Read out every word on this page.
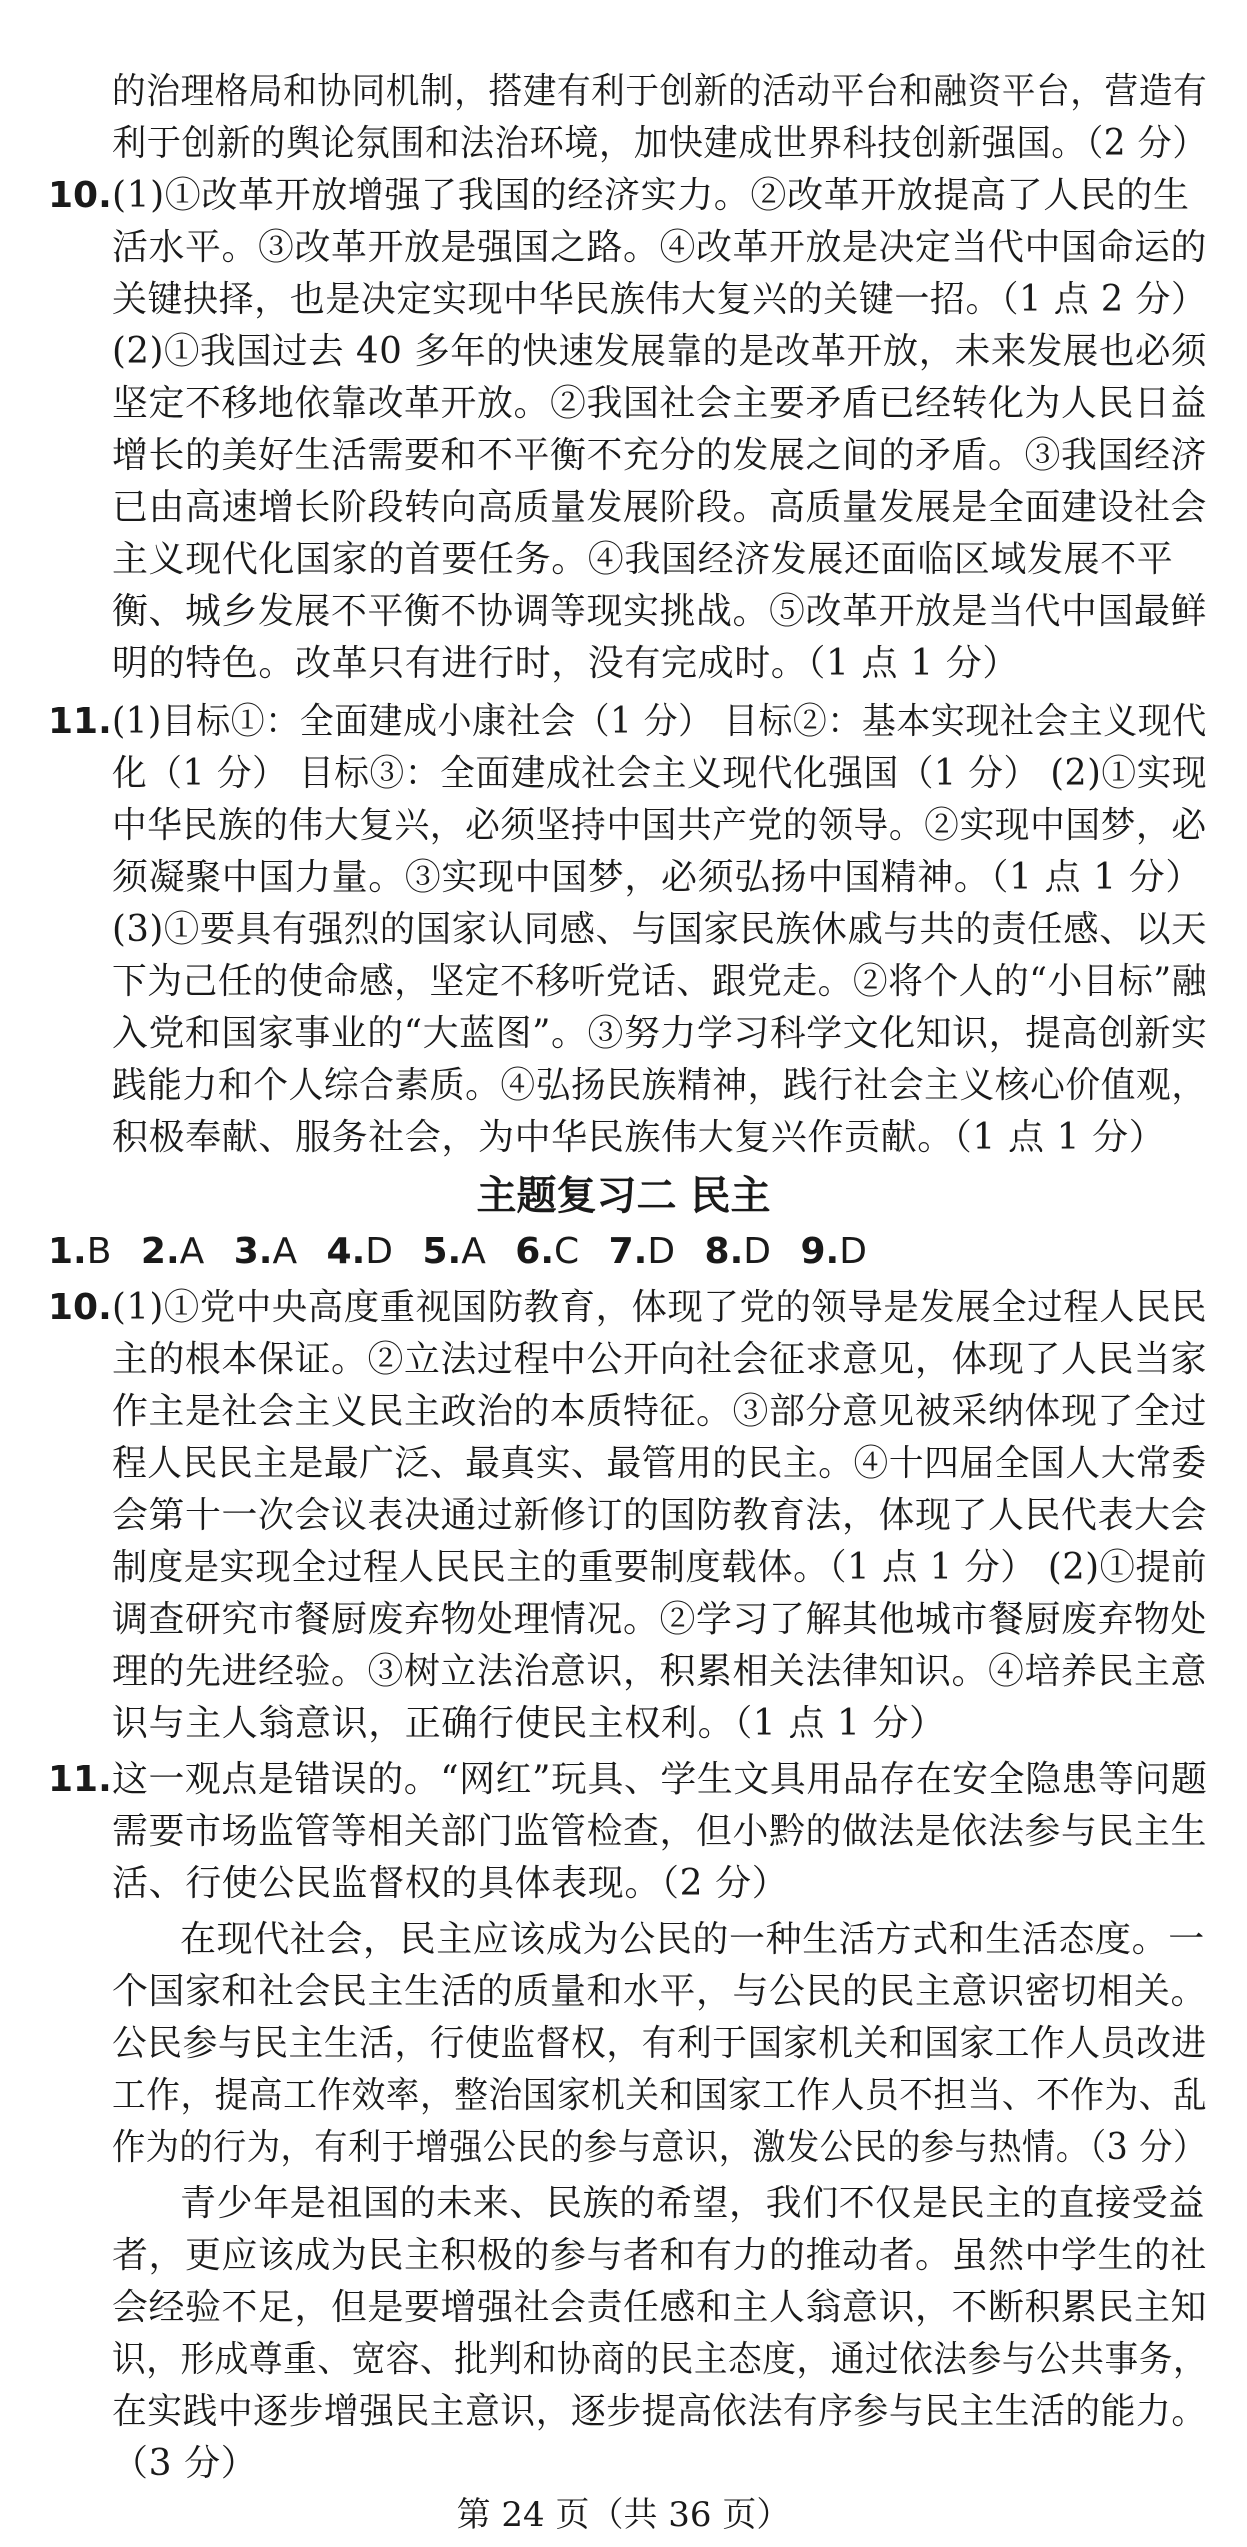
的治理格局和协同机制，搭建有利于创新的活动平台和融资平台，营造有
利于创新的舆论氛围和法治环境，加快建成世界科技创新强国。（2 分）
10. (1)①改革开放增强了我国的经济实力。②改革开放提高了人民的生
活水平。③改革开放是强国之路。④改革开放是决定当代中国命运的
关键抉择，也是决定实现中华民族伟大复兴的关键一招。（1 点 2 分）
(2)①我国过去 40 多年的快速发展靠的是改革开放，未来发展也必须
坚定不移地依靠改革开放。②我国社会主要矛盾已经转化为人民日益
增长的美好生活需要和不平衡不充分的发展之间的矛盾。③我国经济
已由高速增长阶段转向高质量发展阶段。高质量发展是全面建设社会
主义现代化国家的首要任务。④我国经济发展还面临区域发展不平
衡、城乡发展不平衡不协调等现实挑战。⑤改革开放是当代中国最鲜
明的特色。改革只有进行时，没有完成时。（1 点 1 分）
11. (1)目标①：全面建成小康社会（1 分） 目标②：基本实现社会主义现代
化（1 分） 目标③：全面建成社会主义现代化强国（1 分） (2)①实现
中华民族的伟大复兴，必须坚持中国共产党的领导。②实现中国梦，必
须凝聚中国力量。③实现中国梦，必须弘扬中国精神。（1 点 1 分）
(3)①要具有强烈的国家认同感、与国家民族休戚与共的责任感、以天
下为己任的使命感，坚定不移听党话、跟党走。②将个人的“小目标”融
入党和国家事业的“大蓝图”。③努力学习科学文化知识，提高创新实
践能力和个人综合素质。④弘扬民族精神，践行社会主义核心价值观，
积极奉献、服务社会，为中华民族伟大复兴作贡献。（1 点 1 分）
主题复习二 民主
1.B 2.A 3.A 4.D 5.A 6.C 7.D 8.D 9.D
10. (1)①党中央高度重视国防教育，体现了党的领导是发展全过程人民民
主的根本保证。②立法过程中公开向社会征求意见，体现了人民当家
作主是社会主义民主政治的本质特征。③部分意见被采纳体现了全过
程人民民主是最广泛、最真实、最管用的民主。④十四届全国人大常委
会第十一次会议表决通过新修订的国防教育法，体现了人民代表大会
制度是实现全过程人民民主的重要制度载体。（1 点 1 分） (2)①提前
调查研究市餐厨废弃物处理情况。②学习了解其他城市餐厨废弃物处
理的先进经验。③树立法治意识，积累相关法律知识。④培养民主意
识与主人翁意识，正确行使民主权利。（1 点 1 分）
11. 这一观点是错误的。“网红”玩具、学生文具用品存在安全隐患等问题
需要市场监管等相关部门监管检查，但小黔的做法是依法参与民主生
活、行使公民监督权的具体表现。（2 分）
在现代社会，民主应该成为公民的一种生活方式和生活态度。一
个国家和社会民主生活的质量和水平，与公民的民主意识密切相关。
公民参与民主生活，行使监督权，有利于国家机关和国家工作人员改进
工作，提高工作效率，整治国家机关和国家工作人员不担当、不作为、乱
作为的行为，有利于增强公民的参与意识，激发公民的参与热情。（3 分）
青少年是祖国的未来、民族的希望，我们不仅是民主的直接受益
者，更应该成为民主积极的参与者和有力的推动者。虽然中学生的社
会经验不足，但是要增强社会责任感和主人翁意识，不断积累民主知
识，形成尊重、宽容、批判和协商的民主态度，通过依法参与公共事务，
在实践中逐步增强民主意识，逐步提高依法有序参与民主生活的能力。
（3 分）
第 24 页（共 36 页）
